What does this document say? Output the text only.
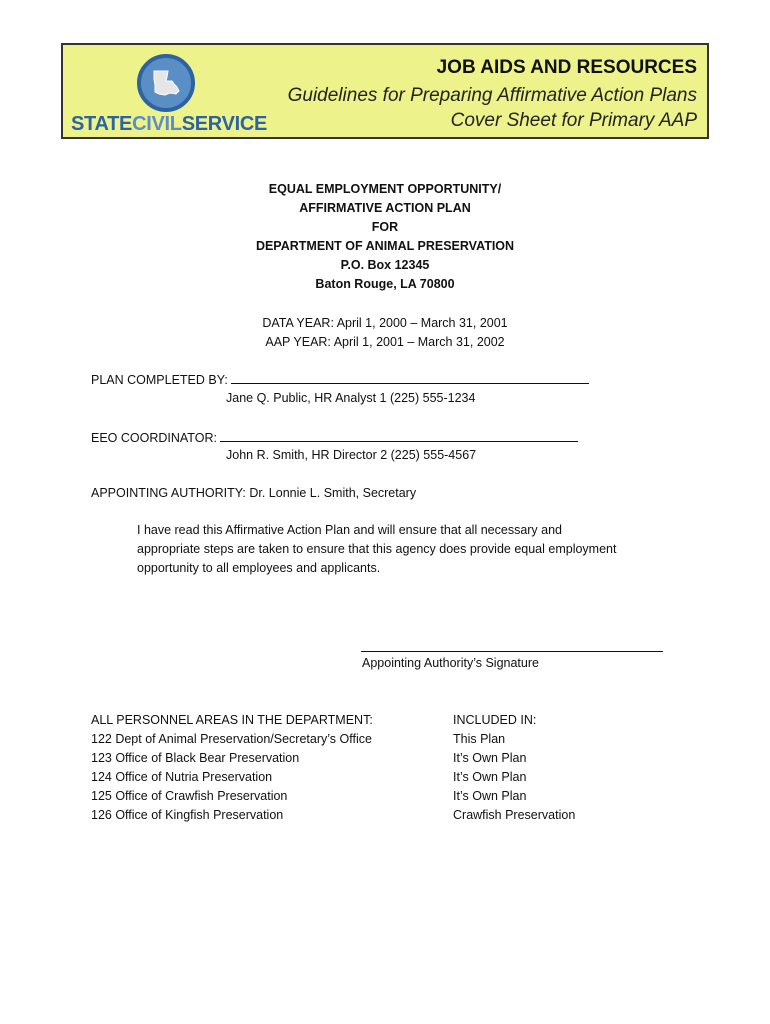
STATECIVILSERVICE
JOB AIDS AND RESOURCES
Guidelines for Preparing Affirmative Action Plans
Cover Sheet for Primary AAP
EQUAL EMPLOYMENT OPPORTUNITY/
AFFIRMATIVE ACTION PLAN
FOR
DEPARTMENT OF ANIMAL PRESERVATION
P.O. Box 12345
Baton Rouge, LA 70800
DATA YEAR: April 1, 2000 – March 31, 2001
AAP YEAR: April 1, 2001 – March 31, 2002
PLAN COMPLETED BY:
Jane Q. Public, HR Analyst 1 (225) 555-1234
EEO COORDINATOR:
John R. Smith, HR Director 2 (225) 555-4567
APPOINTING AUTHORITY: Dr. Lonnie L. Smith, Secretary
I have read this Affirmative Action Plan and will ensure that all necessary and appropriate steps are taken to ensure that this agency does provide equal employment opportunity to all employees and applicants.
Appointing Authority’s Signature
ALL PERSONNEL AREAS IN THE DEPARTMENT:
122 Dept of Animal Preservation/Secretary’s Office
123 Office of Black Bear Preservation
124 Office of Nutria Preservation
125 Office of Crawfish Preservation
126 Office of Kingfish Preservation
INCLUDED IN:
This Plan
It’s Own Plan
It’s Own Plan
It’s Own Plan
Crawfish Preservation
